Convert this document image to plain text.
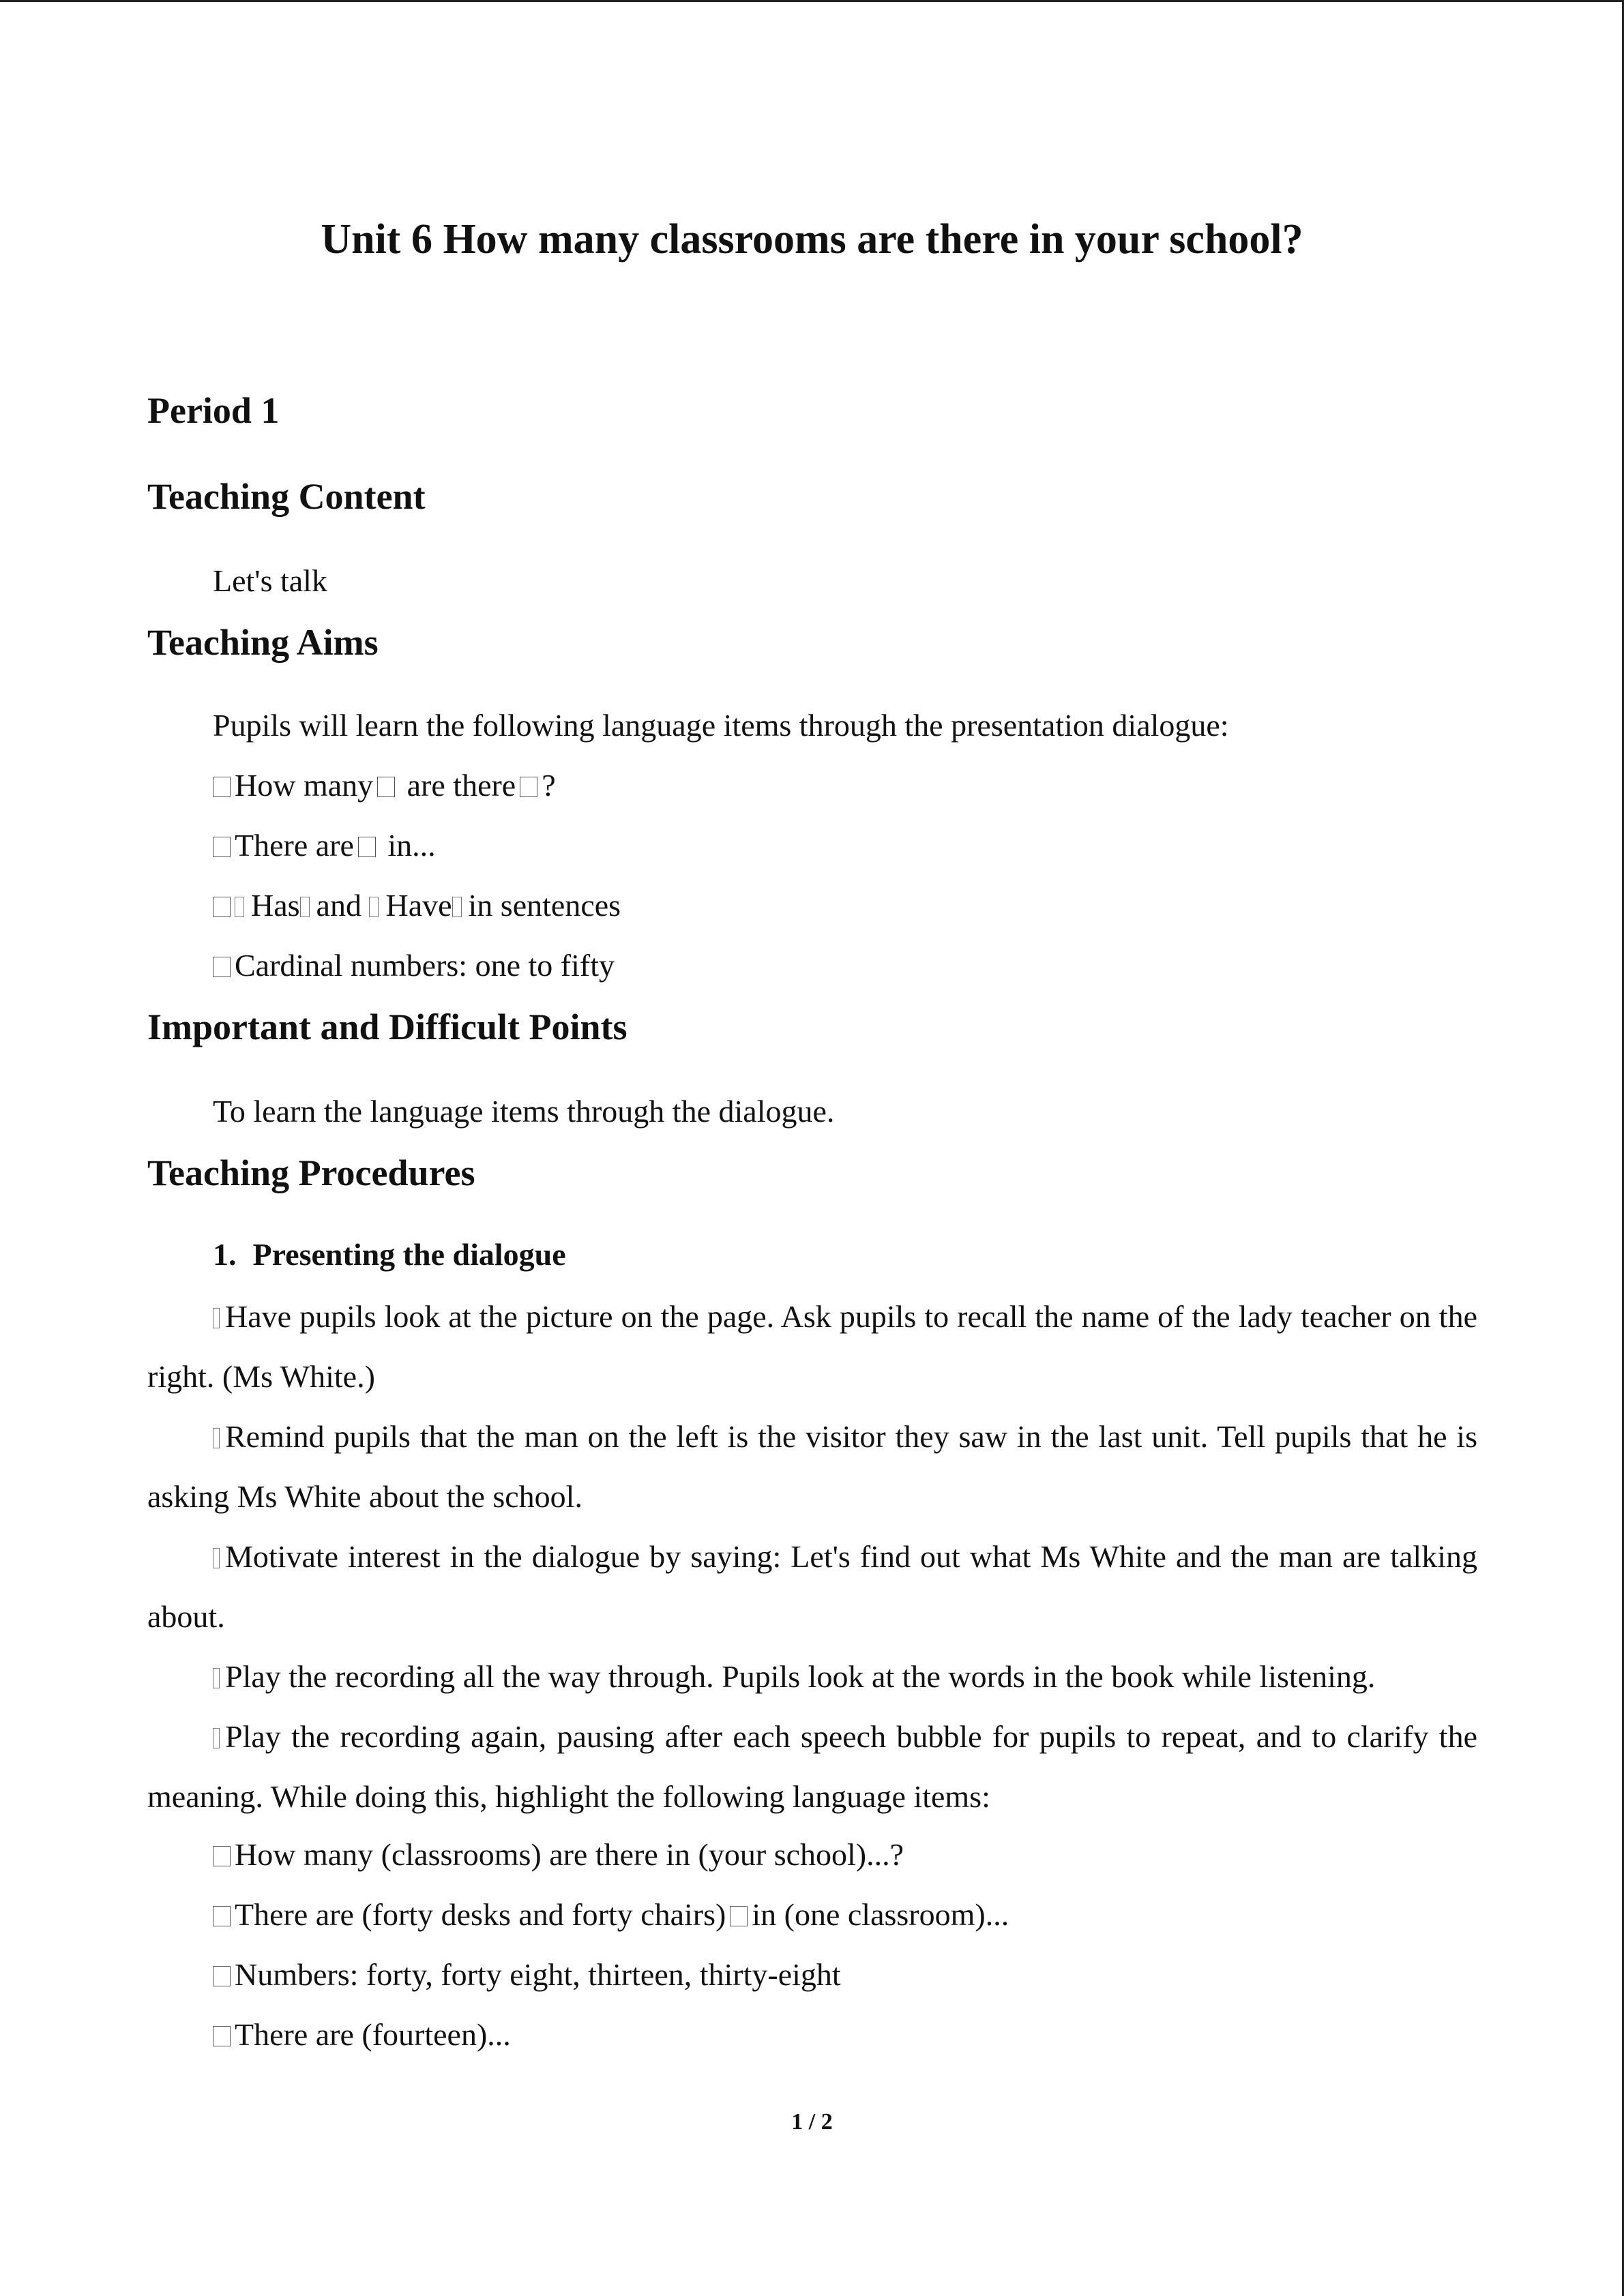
Unit 6 How many classrooms are there in your school?
Period 1
Teaching Content

Let's talk

Teaching Aims

Pupils will learn the following language items through the presentation dialogue:

How many are there ?

There are in...

Has and Have in sentences

Cardinal numbers: one to fifty

Important and Difficult Points

To learn the language items through the dialogue.

Teaching Procedures

1. Presenting the dialogue

Have pupils look at the picture on the page. Ask pupils to recall the name of the lady teacher on the right. (Ms White.)

Remind pupils that the man on the left is the visitor they saw in the last unit. Tell pupils that he is asking Ms White about the school.

Motivate interest in the dialogue by saying: Let's find out what Ms White and the man are talking about.

Play the recording all the way through. Pupils look at the words in the book while listening.

Play the recording again, pausing after each speech bubble for pupils to repeat, and to clarify the meaning. While doing this, highlight the following language items:

How many (classrooms) are there in (your school)...?

There are (forty desks and forty chairs) in (one classroom)...

Numbers: forty, forty eight, thirteen, thirty-eight

There are (fourteen)...

1 / 2
